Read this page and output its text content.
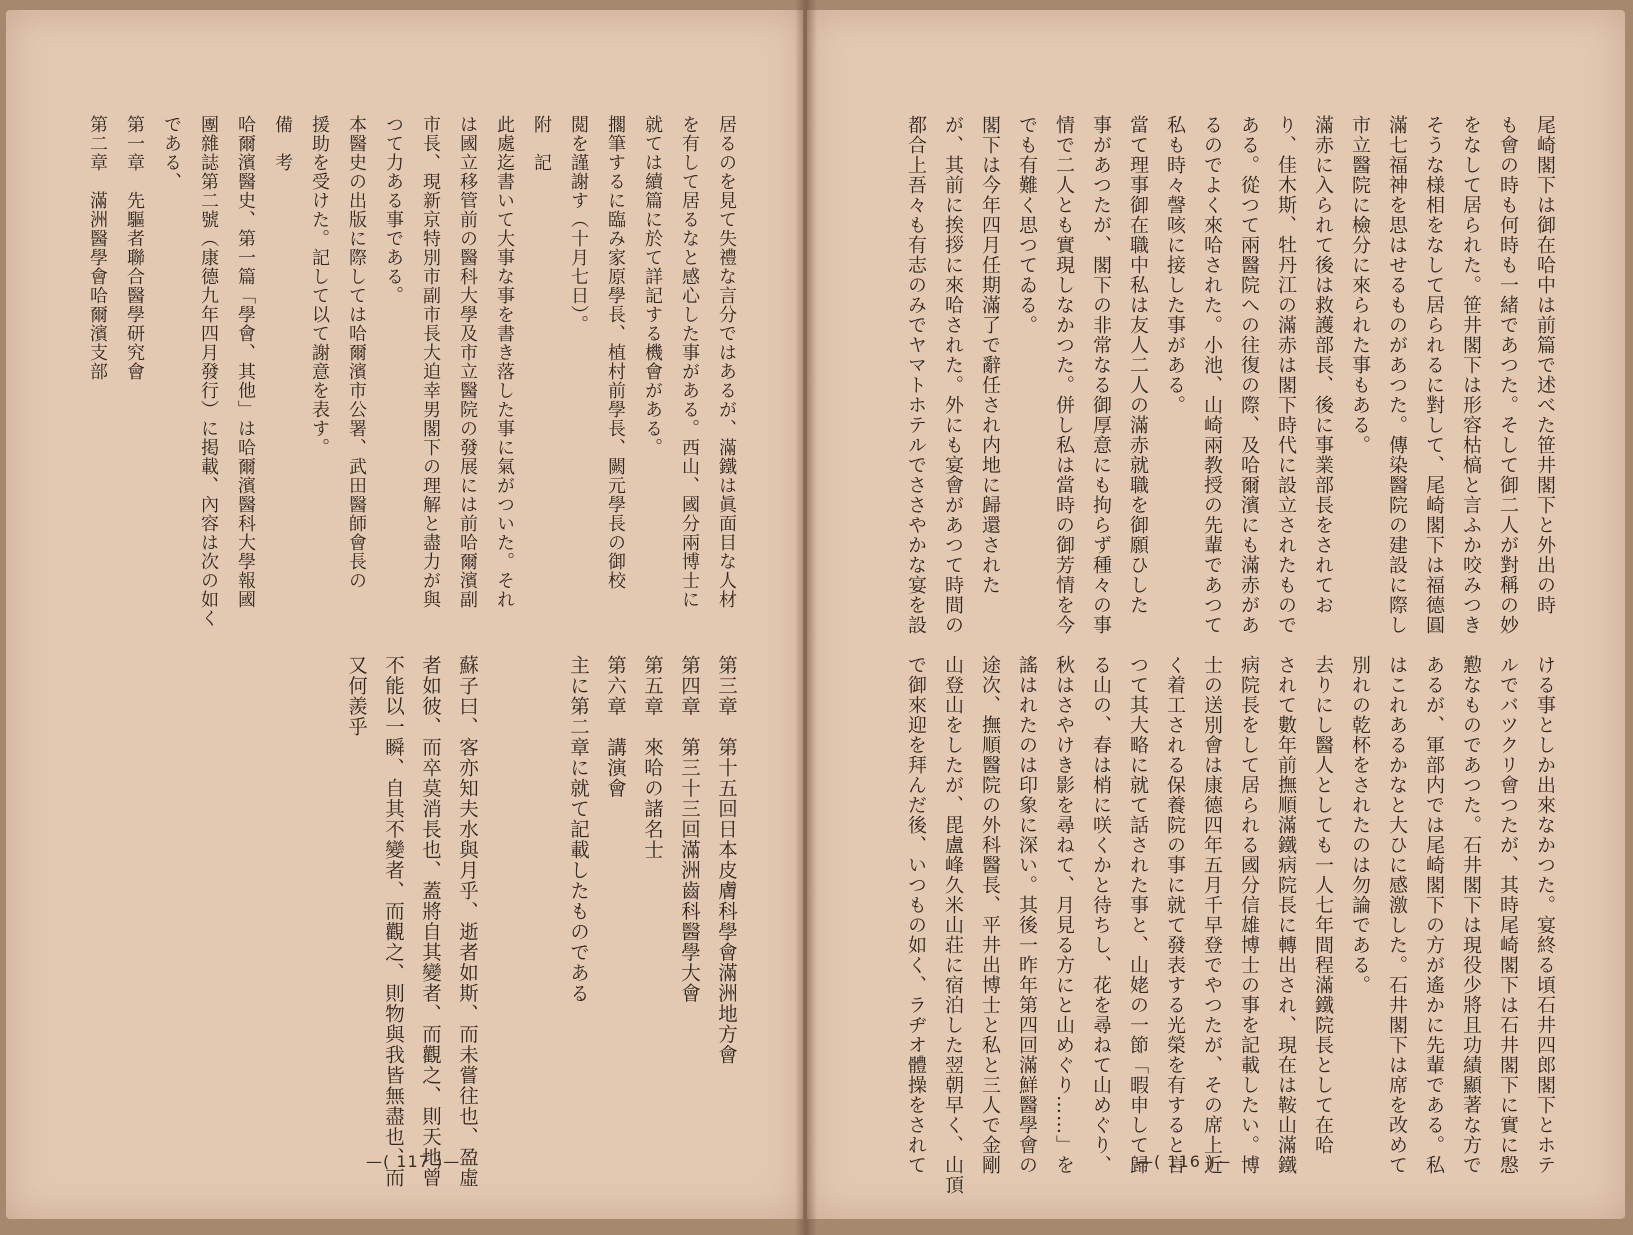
居るのを見て失禮な言分ではあるが、滿鐵は眞面目な人材
を有して居るなと感心した事がある。西山、國分兩博士に
就ては續篇に於て詳記する機會がある。
擱筆するに臨み家原學長、植村前學長、闕元學長の御校
閲を謹謝す（十月七日）。
附　記
此處迄書いて大事な事を書き落した事に氣がついた。それ
は國立移管前の醫科大學及市立醫院の發展には前哈爾濱副
市長、現新京特別市副市長大迫幸男閣下の理解と盡力が與
つて力ある事である。
本醫史の出版に際しては哈爾濱市公署、武田醫師會長の
援助を受けた。記して以て謝意を表す。
備　考
哈爾濱醫史、第一篇「學會、其他」は哈爾濱醫科大學報國
團雜誌第二號（康德九年四月發行）に掲載、內容は次の如く
である、
第一章　先驅者聯合醫學研究會
第二章　滿洲醫學會哈爾濱支部
第三章　第十五回日本皮膚科學會滿洲地方會
第四章　第三十三回滿洲齒科醫學大會
第五章　來哈の諸名士
第六章　講演會
主に第二章に就て記載したものである

蘇子曰、客亦知夫水與月乎、逝者如斯、而未嘗往也、盈虛
者如彼、而卒莫消長也、蓋將自其變者、而觀之、則天地曾
不能以一瞬、自其不變者、而觀之、則物與我皆無盡也、而
又何羨乎
—( 117 )—
尾崎閣下は御在哈中は前篇で述べた笹井閣下と外出の時
も會の時も何時も一緒であつた。そして御二人が對稱の妙
をなして居られた。笹井閣下は形容枯槁と言ふか咬みつき
そうな様相をなして居られるに對して、尾崎閣下は福德圓
滿七福神を思はせるものがあつた。傳染醫院の建設に際し
市立醫院に檢分に來られた事もある。
滿赤に入られて後は救護部長、後に事業部長をされてお
り、佳木斯、牡丹江の滿赤は閣下時代に設立されたもので
ある。從つて兩醫院への往復の際、及哈爾濱にも滿赤があ
るのでよく來哈された。小池、山崎兩教授の先輩であつて
私も時々謦咳に接した事がある。
當て理事御在職中私は友人二人の滿赤就職を御願ひした
事があつたが、閣下の非常なる御厚意にも拘らず種々の事
情で二人とも實現しなかつた。併し私は當時の御芳情を今
でも有難く思つてゐる。
閣下は今年四月任期滿了で辭任され内地に歸還された
が、其前に挨拶に來哈された。外にも宴會があつて時間の
都合上吾々も有志のみでヤマトホテルでささやかな宴を設
ける事としか出來なかつた。宴終る頃石井四郎閣下とホテ
ルでバツクリ會つたが、其時尾崎閣下は石井閣下に實に慇
懃なものであつた。石井閣下は現役少將且功績顯著な方で
あるが、軍部内では尾崎閣下の方が遙かに先輩である。私
はこれあるかなと大ひに感激した。石井閣下は席を改めて
別れの乾杯をされたのは勿論である。
去りにし醫人としても一人七年間程滿鐵院長として在哈
されて數年前撫順滿鐵病院長に轉出され、現在は鞍山滿鐵
病院長をして居られる國分信雄博士の事を記載したい。博
士の送別會は康德四年五月千早登でやつたが、その席上近
く着工される保養院の事に就て發表する光榮を有すると言
つて其大略に就て話された事と、山姥の一節「暇申して歸
る山の、春は梢に咲くかと待ちし、花を尋ねて山めぐり、
秋はさやけき影を尋ねて、月見る方にと山めぐり……」を
謠はれたのは印象に深い。其後一昨年第四回滿鮮醫學會の
途次、撫順醫院の外科醫長、平井出博士と私と三人で金剛
山登山をしたが、毘盧峰久米山荘に宿泊した翌朝早く、山頂
で御來迎を拜んだ後、いつもの如く、ラヂオ體操をされて	—( 116 )—
